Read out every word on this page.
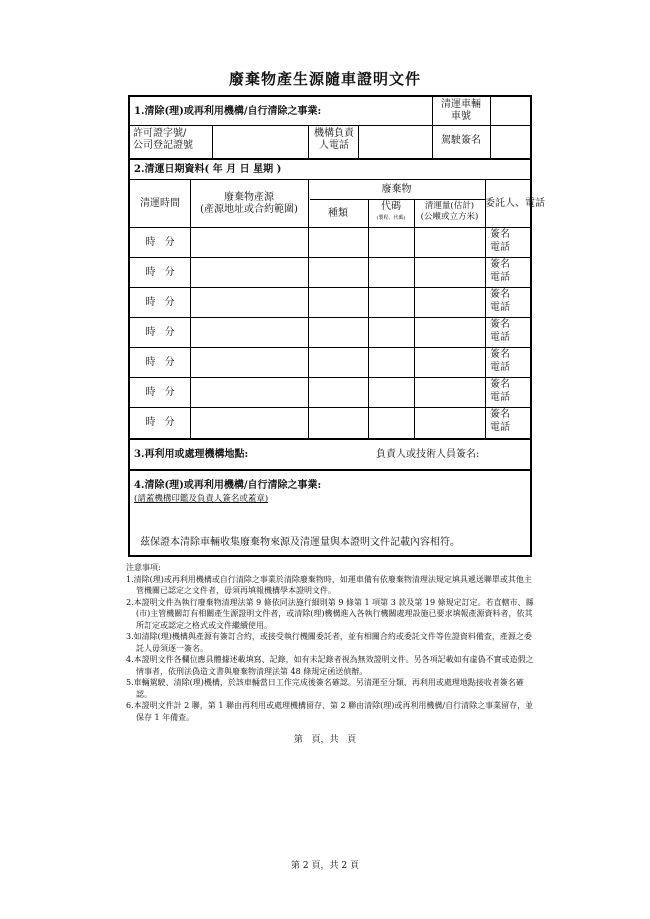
廢棄物產生源隨車證明文件
1.清除(理)或再利用機構/自行清除之事業:
清運車輛
車號
許可證字號/
公司登記證號
機構負責
人電話	駕駛簽名
2.清運日期資料( 年 月 日 星期 )
清運時間
廢棄物產源
(產源地址或合約範圍)
廢棄物
種類
代碼
(製程、代碼)
清運量(估計)
(公噸或立方米)
委託人、電話
時 分
簽名
電話
時 分
簽名
電話
時 分
簽名
電話
時 分
簽名
電話
時 分
簽名
電話
時 分
簽名
電話
時 分
簽名
電話
3.再利用或處理機構地點:	負責人或技術人員簽名:
4.清除(理)或再利用機構/自行清除之事業:
(請蓋機構印鑑及負責人簽名或蓋章)
茲保證本清除車輛收集廢棄物來源及清運量與本證明文件記載內容相符。

注意事項:

1.清除(理)或再利用機構或自行清除之事業於清除廢棄物時，如運車備有依廢棄物清理法規定填具遞送聯單或其他主管機關已認定之文件者，毋須再填報機構學本證明文件。

2.本證明文件為執行廢棄物清理法第 9 條依同法施行細則第 9 條第 1 項第 3 款及第 19 條規定訂定。若直轄市、縣(市)主管機關訂有相關產生源證明文件者，或清除(理)機構進入各執行機關處理設施已要求填報產源資料者，依其所訂定或認定之格式或文件繼續使用。

3.如清除(理)機構與產源有簽訂合約，或接受執行機關委託者，並有相關合約或委託文件等佐證資料備查，產源之委託人毋須逐一簽名。

4.本證明文件各欄位應具體據述載填寫、記錄，如有未記錄者視為無效證明文件。另各項記載如有虛偽不實或造假之情事者，依刑法偽造文書與廢棄物清理法第 48 條規定函送偵辦。

5.車輛駕駛、清除(理)機構，於該車輛當日工作完成後簽名確認。另清運至分類、再利用或處理地點接收者簽名確認。

6.本證明文件計 2 聯，第 1 聯由再利用或處理機構留存、第 2 聯由清除(理)或再利用機構/自行清除之事業留存，並保存 1 年備查。

第   頁，共   頁
第 2 頁，共 2 頁
